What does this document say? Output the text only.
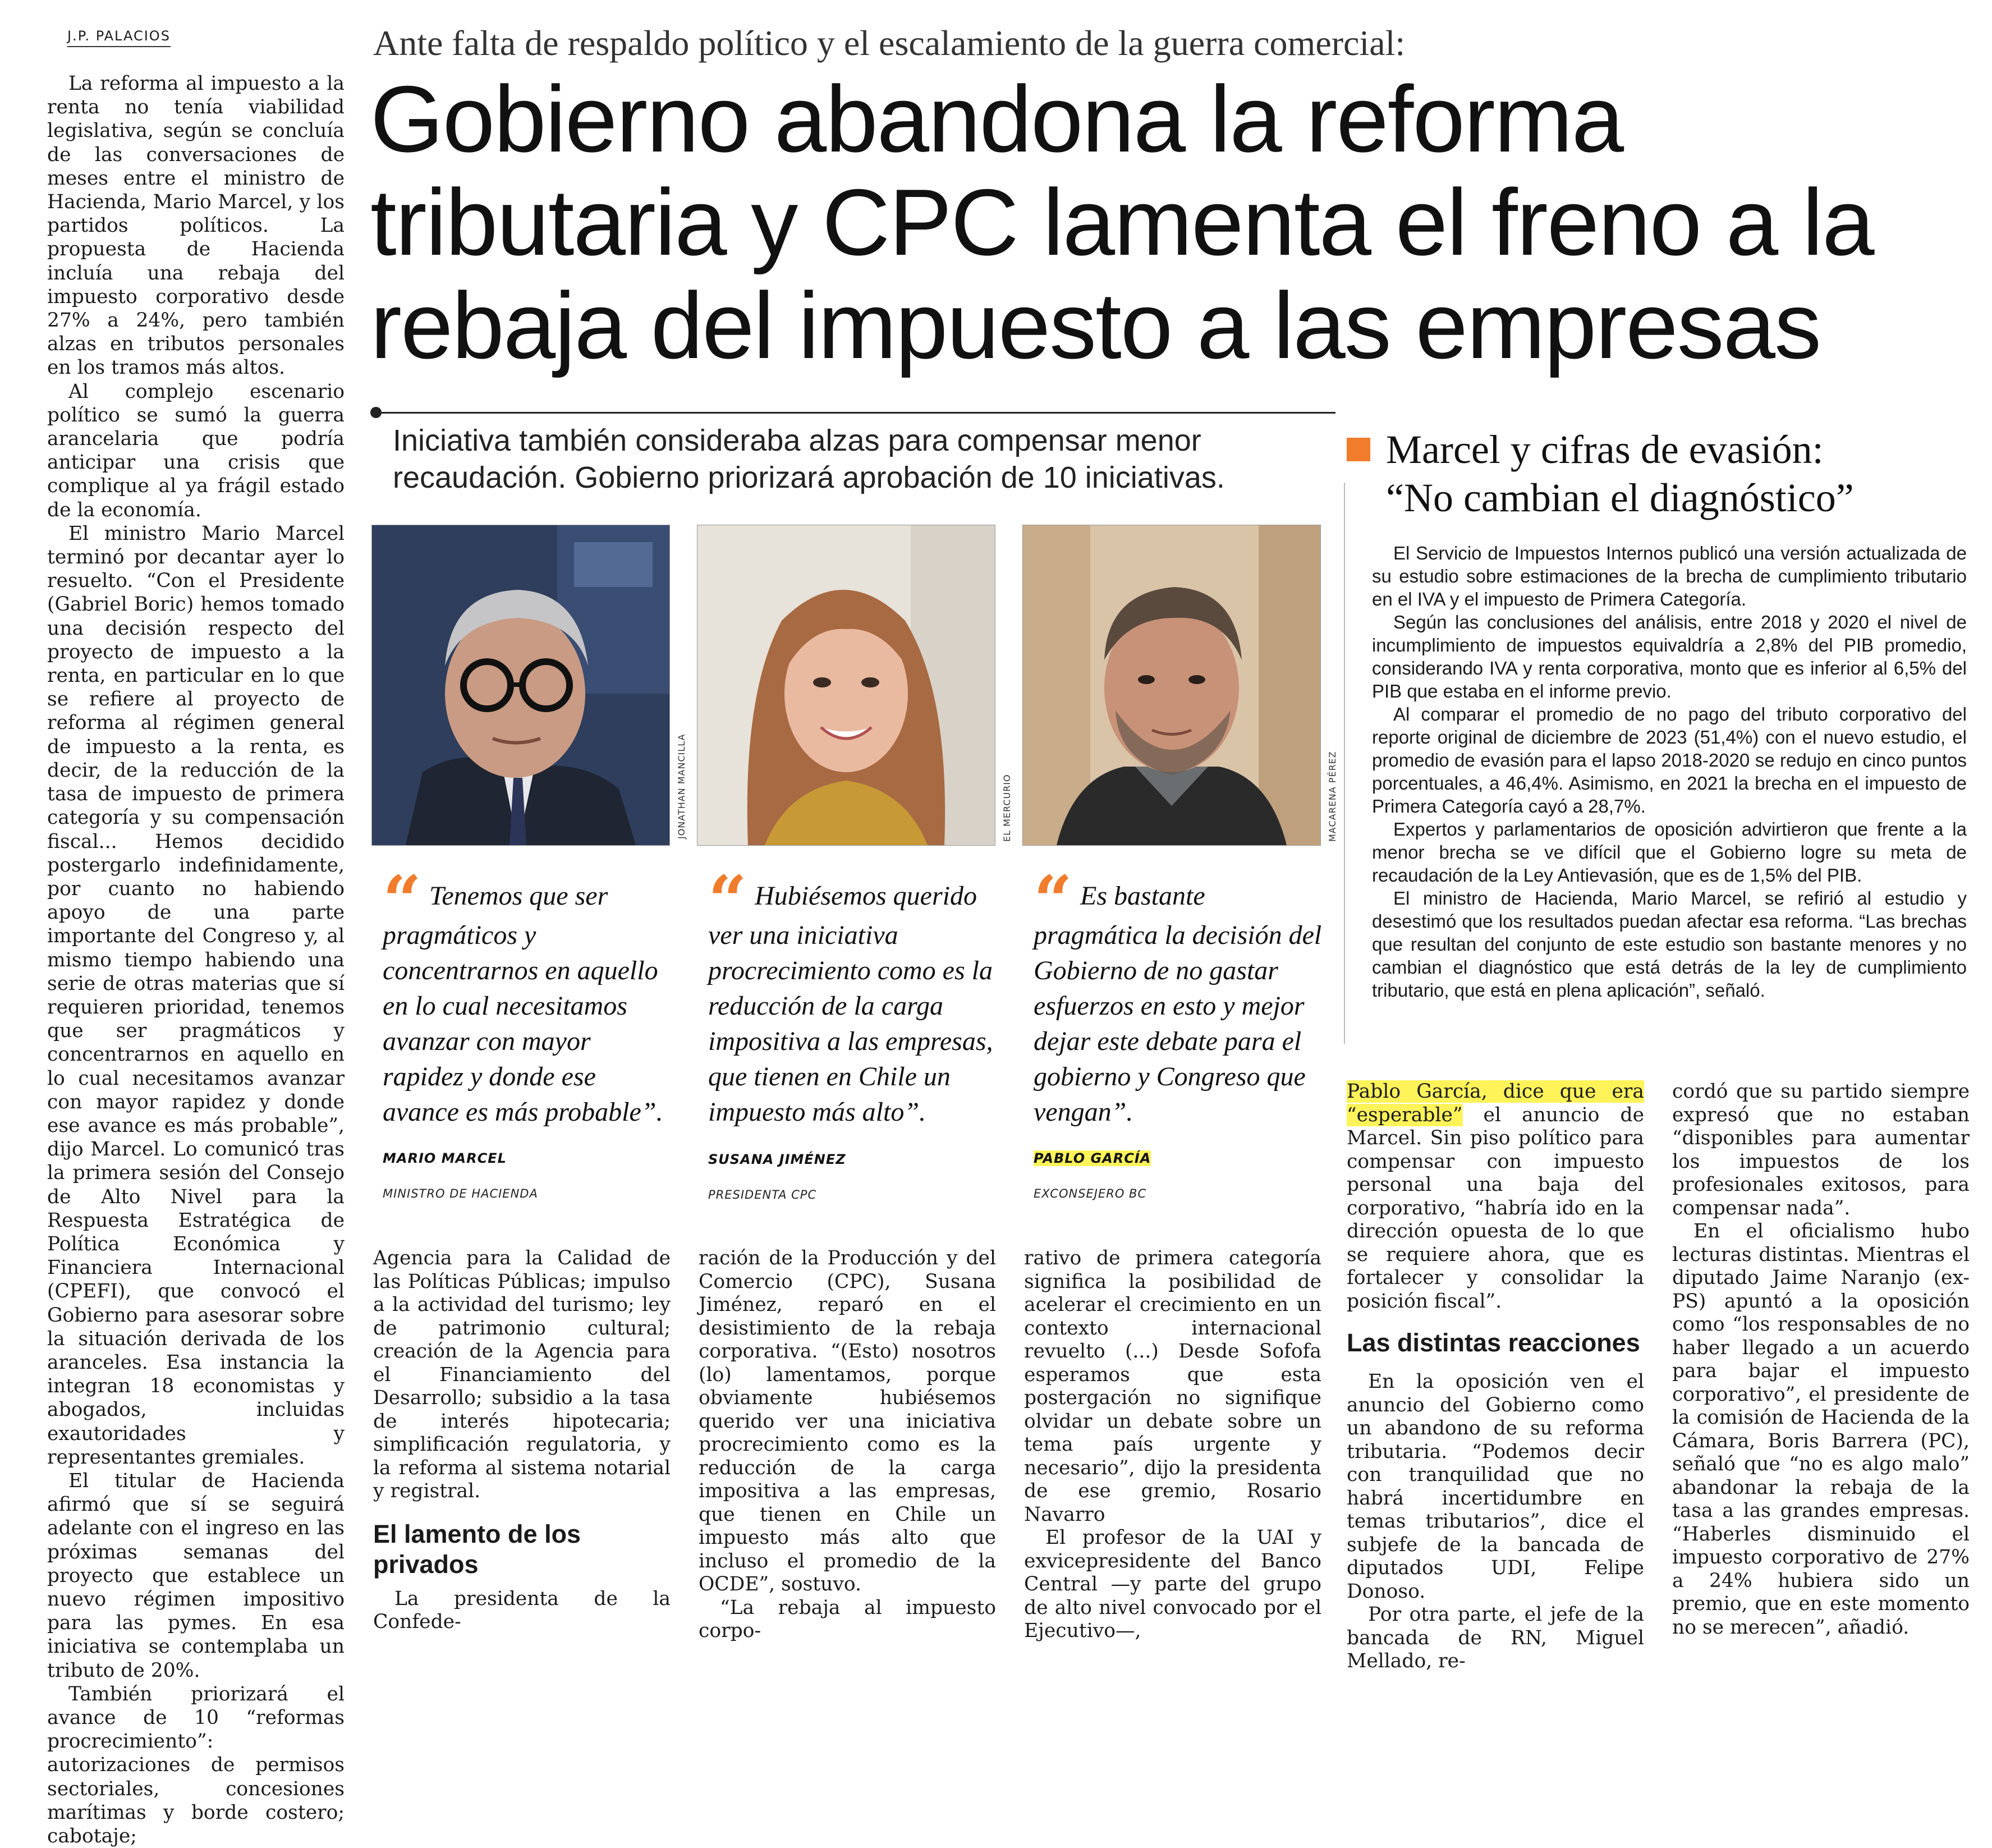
J.P. PALACIOS	Ante falta de respaldo político y el escalamiento de la guerra comercial:
Gobierno abandona la reforma tributaria y CPC lamenta el freno a la rebaja del impuesto a las empresas
Iniciativa también consideraba alzas para compensar menor recaudación. Gobierno priorizará aprobación de 10 iniciativas.

La reforma al impuesto a la renta no tenía viabilidad legislativa, según se concluía de las conversaciones de meses entre el ministro de Hacienda, Mario Marcel, y los partidos políticos. La propuesta de Hacienda incluía una rebaja del impuesto corporativo desde 27% a 24%, pero también alzas en tributos personales en los tramos más altos.

Al complejo escenario político se sumó la guerra arancelaria que podría anticipar una crisis que complique al ya frágil estado de la economía.

El ministro Mario Marcel terminó por decantar ayer lo resuelto. “Con el Presidente (Gabriel Boric) hemos tomado una decisión respecto del proyecto de impuesto a la renta, en particular en lo que se refiere al proyecto de reforma al régimen general de impuesto a la renta, es decir, de la reducción de la tasa de impuesto de primera categoría y su compensación fiscal... Hemos decidido postergarlo indefinidamente, por cuanto no habiendo apoyo de una parte importante del Congreso y, al mismo tiempo habiendo una serie de otras materias que sí requieren prioridad, tenemos que ser pragmáticos y concentrarnos en aquello en lo cual necesitamos avanzar con mayor rapidez y donde ese avance es más probable”, dijo Marcel. Lo comunicó tras la primera sesión del Consejo de Alto Nivel para la Respuesta Estratégica de Política Económica y Financiera Internacional (CPEFI), que convocó el Gobierno para asesorar sobre la situación derivada de los aranceles. Esa instancia la integran 18 economistas y abogados, incluidas exautoridades y representantes gremiales.

El titular de Hacienda afirmó que sí se seguirá adelante con el ingreso en las próximas semanas del proyecto que establece un nuevo régimen impositivo para las pymes. En esa iniciativa se contemplaba un tributo de 20%.

También priorizará el avance de 10 “reformas procrecimiento”: autorizaciones de permisos sectoriales, concesiones marítimas y borde costero; cabotaje;

JONATHAN MANCILLA	EL MERCURIO	MACARENA PÉREZ
“ Tenemos que ser pragmáticos y concentrarnos en aquello en lo cual necesitamos avanzar con mayor rapidez y donde ese avance es más probable”.
MARIO MARCEL
MINISTRO DE HACIENDA
“ Hubiésemos querido ver una iniciativa procrecimiento como es la reducción de la carga impositiva a las empresas, que tienen en Chile un impuesto más alto”.
SUSANA JIMÉNEZ
PRESIDENTA CPC
“ Es bastante pragmática la decisión del Gobierno de no gastar esfuerzos en esto y mejor dejar este debate para el gobierno y Congreso que vengan”.
PABLO GARCÍA
EXCONSEJERO BC

Agencia para la Calidad de las Políticas Públicas; impulso a la actividad del turismo; ley de patrimonio cultural; creación de la Agencia para el Financiamiento del Desarrollo; subsidio a la tasa de interés hipotecaria; simplificación regulatoria, y la reforma al sistema notarial y registral.

El lamento de los privados

La presidenta de la Confede-

ración de la Producción y del Comercio (CPC), Susana Jiménez, reparó en el desistimiento de la rebaja corporativa. “(Esto) nosotros (lo) lamentamos, porque obviamente hubiésemos querido ver una iniciativa procrecimiento como es la reducción de la carga impositiva a las empresas, que tienen en Chile un impuesto más alto que incluso el promedio de la OCDE”, sostuvo.

“La rebaja al impuesto corpo-

rativo de primera categoría significa la posibilidad de acelerar el crecimiento en un contexto internacional revuelto (...) Desde Sofofa esperamos que esta postergación no signifique olvidar un debate sobre un tema país urgente y necesario”, dijo la presidenta de ese gremio, Rosario Navarro

El profesor de la UAI y exvicepresidente del Banco Central —y parte del grupo de alto nivel convocado por el Ejecutivo—,

Pablo García, dice que era “esperable” el anuncio de Marcel. Sin piso político para compensar con impuesto personal una baja del corporativo, “habría ido en la dirección opuesta de lo que se requiere ahora, que es fortalecer y consolidar la posición fiscal”.

Las distintas reacciones

En la oposición ven el anuncio del Gobierno como un abandono de su reforma tributaria. “Podemos decir con tranquilidad que no habrá incertidumbre en temas tributarios”, dice el subjefe de la bancada de diputados UDI, Felipe Donoso.

Por otra parte, el jefe de la bancada de RN, Miguel Mellado, re-

cordó que su partido siempre expresó que no estaban “disponibles para aumentar los impuestos de los profesionales exitosos, para compensar nada”.

En el oficialismo hubo lecturas distintas. Mientras el diputado Jaime Naranjo (ex-PS) apuntó a la oposición como “los responsables de no haber llegado a un acuerdo para bajar el impuesto corporativo”, el presidente de la comisión de Hacienda de la Cámara, Boris Barrera (PC), señaló que “no es algo malo” abandonar la rebaja de la tasa a las grandes empresas. “Haberles disminuido el impuesto corporativo de 27% a 24% hubiera sido un premio, que en este momento no se merecen”, añadió.

Marcel y cifras de evasión:
“No cambian el diagnóstico”

El Servicio de Impuestos Internos publicó una versión actualizada de su estudio sobre estimaciones de la brecha de cumplimiento tributario en el IVA y el impuesto de Primera Categoría.

Según las conclusiones del análisis, entre 2018 y 2020 el nivel de incumplimiento de impuestos equivaldría a 2,8% del PIB promedio, considerando IVA y renta corporativa, monto que es inferior al 6,5% del PIB que estaba en el informe previo.

Al comparar el promedio de no pago del tributo corporativo del reporte original de diciembre de 2023 (51,4%) con el nuevo estudio, el promedio de evasión para el lapso 2018-2020 se redujo en cinco puntos porcentuales, a 46,4%. Asimismo, en 2021 la brecha en el impuesto de Primera Categoría cayó a 28,7%.

Expertos y parlamentarios de oposición advirtieron que frente a la menor brecha se ve difícil que el Gobierno logre su meta de recaudación de la Ley Antievasión, que es de 1,5% del PIB.

El ministro de Hacienda, Mario Marcel, se refirió al estudio y desestimó que los resultados puedan afectar esa reforma. “Las brechas que resultan del conjunto de este estudio son bastante menores y no cambian el diagnóstico que está detrás de la ley de cumplimiento tributario, que está en plena aplicación”, señaló.
